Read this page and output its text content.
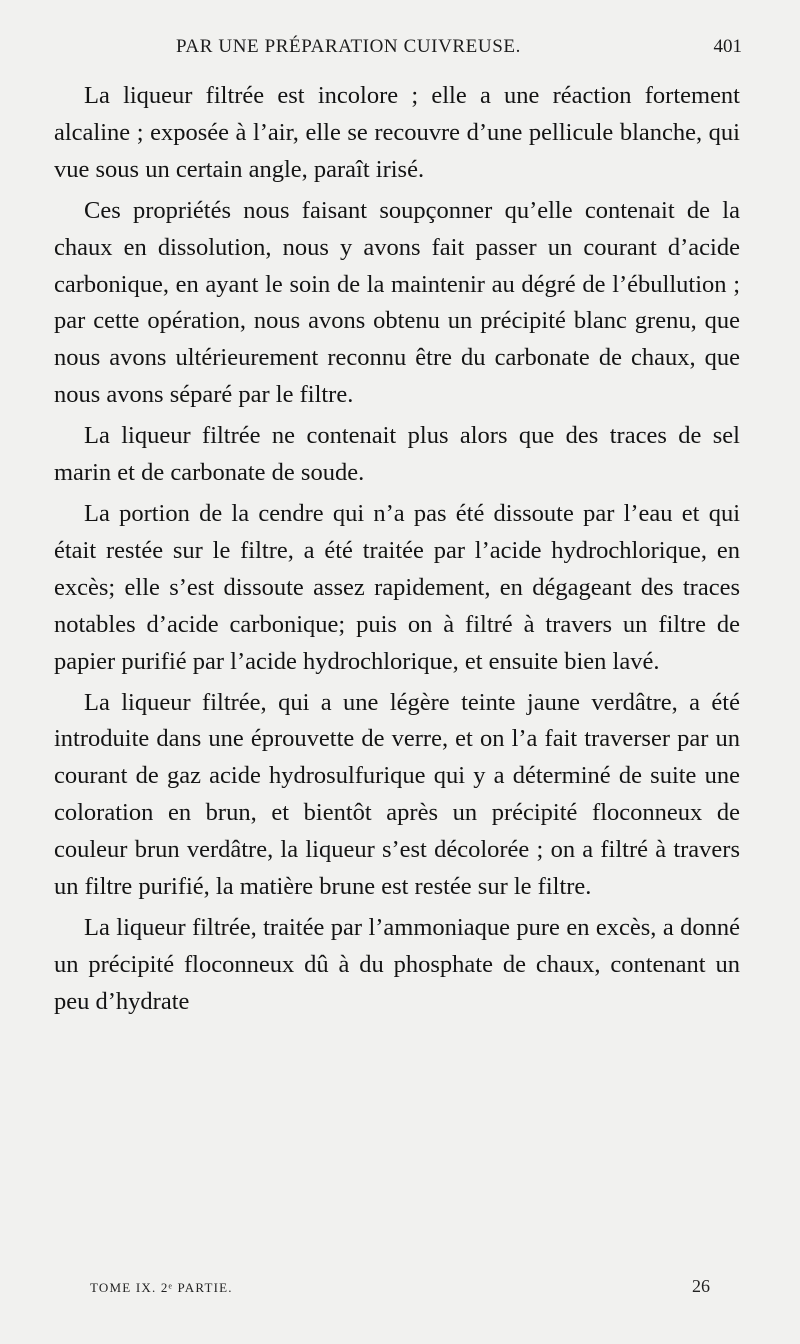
PAR UNE PRÉPARATION CUIVREUSE.	401

La liqueur filtrée est incolore ; elle a une réaction fortement alcaline ; exposée à l’air, elle se recouvre d’une pellicule blanche, qui vue sous un certain angle, paraît irisé.

Ces propriétés nous faisant soupçonner qu’elle contenait de la chaux en dissolution, nous y avons fait passer un courant d’acide carbonique, en ayant le soin de la maintenir au dégré de l’ébullution ; par cette opération, nous avons obtenu un précipité blanc grenu, que nous avons ultérieurement reconnu être du carbonate de chaux, que nous avons séparé par le filtre.

La liqueur filtrée ne contenait plus alors que des traces de sel marin et de carbonate de soude.

La portion de la cendre qui n’a pas été dissoute par l’eau et qui était restée sur le filtre, a été traitée par l’acide hydrochlorique, en excès; elle s’est dissoute assez rapidement, en dégageant des traces notables d’acide carbonique; puis on à filtré à travers un filtre de papier purifié par l’acide hydrochlorique, et ensuite bien lavé.

La liqueur filtrée, qui a une légère teinte jaune verdâtre, a été introduite dans une éprouvette de verre, et on l’a fait traverser par un courant de gaz acide hydrosulfurique qui y a déterminé de suite une coloration en brun, et bientôt après un précipité floconneux de couleur brun verdâtre, la liqueur s’est décolorée ; on a filtré à travers un filtre purifié, la matière brune est restée sur le filtre.

La liqueur filtrée, traitée par l’ammoniaque pure en excès, a donné un précipité floconneux dû à du phosphate de chaux, contenant un peu d’hydrate

TOME IX. 2ᵉ PARTIE.	26
